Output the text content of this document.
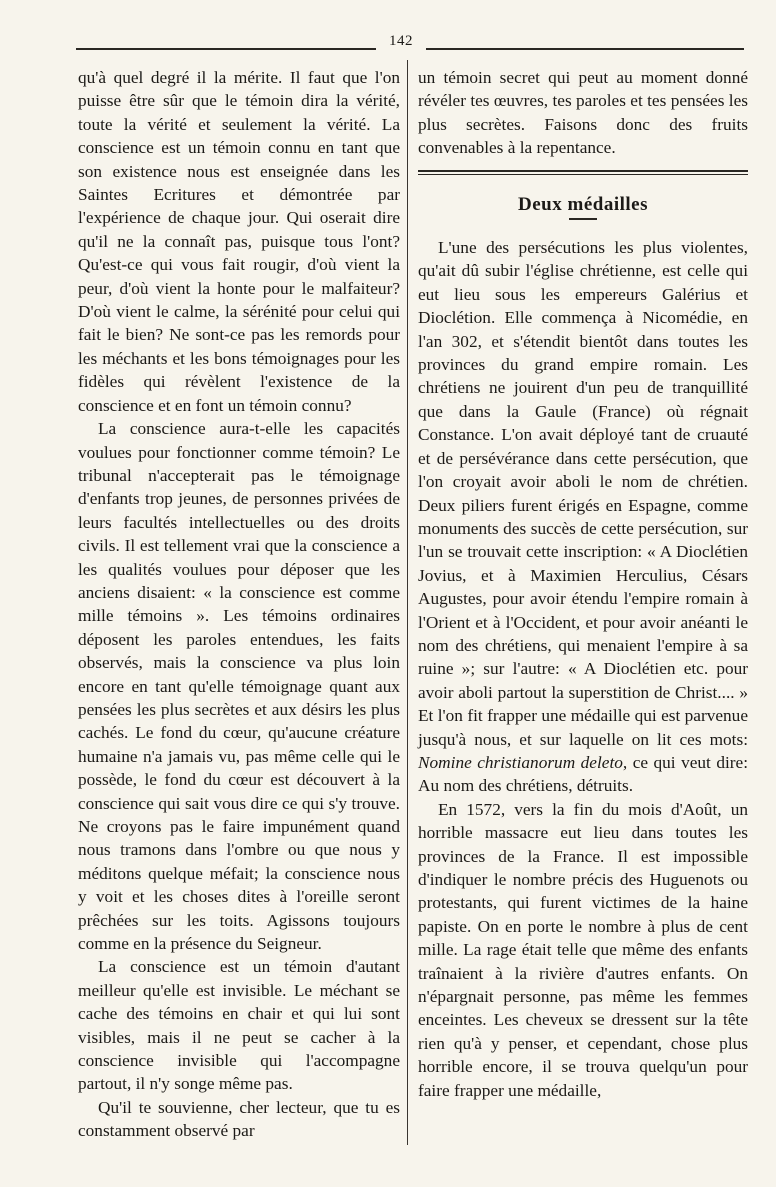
142

qu'à quel degré il la mérite. Il faut que l'on puisse être sûr que le témoin dira la vérité, toute la vérité et seulement la vérité. La conscience est un témoin connu en tant que son existence nous est enseignée dans les Saintes Ecritures et démontrée par l'expérience de chaque jour. Qui oserait dire qu'il ne la connaît pas, puisque tous l'ont? Qu'est-ce qui vous fait rougir, d'où vient la peur, d'où vient la honte pour le malfaiteur? D'où vient le calme, la sérénité pour celui qui fait le bien? Ne sont-ce pas les remords pour les méchants et les bons témoignages pour les fidèles qui révèlent l'existence de la conscience et en font un témoin connu?

La conscience aura-t-elle les capacités voulues pour fonctionner comme témoin? Le tribunal n'accepterait pas le témoignage d'enfants trop jeunes, de personnes privées de leurs facultés intellectuelles ou des droits civils. Il est tellement vrai que la conscience a les qualités voulues pour déposer que les anciens disaient: « la conscience est comme mille témoins ». Les témoins ordinaires déposent les paroles entendues, les faits observés, mais la conscience va plus loin encore en tant qu'elle témoignage quant aux pensées les plus secrètes et aux désirs les plus cachés. Le fond du cœur, qu'aucune créature humaine n'a jamais vu, pas même celle qui le possède, le fond du cœur est découvert à la conscience qui sait vous dire ce qui s'y trouve. Ne croyons pas le faire impunément quand nous tramons dans l'ombre ou que nous y méditons quelque méfait; la conscience nous y voit et les choses dites à l'oreille seront prêchées sur les toits. Agissons toujours comme en la présence du Seigneur.

La conscience est un témoin d'autant meilleur qu'elle est invisible. Le méchant se cache des témoins en chair et qui lui sont visibles, mais il ne peut se cacher à la conscience invisible qui l'accompagne partout, il n'y songe même pas.

Qu'il te souvienne, cher lecteur, que tu es constamment observé par

un témoin secret qui peut au moment donné révéler tes œuvres, tes paroles et tes pensées les plus secrètes. Faisons donc des fruits convenables à la repentance.

Deux médailles

L'une des persécutions les plus violentes, qu'ait dû subir l'église chrétienne, est celle qui eut lieu sous les empereurs Galérius et Dioclétion. Elle commença à Nicomédie, en l'an 302, et s'étendit bientôt dans toutes les provinces du grand empire romain. Les chrétiens ne jouirent d'un peu de tranquillité que dans la Gaule (France) où régnait Constance. L'on avait déployé tant de cruauté et de persévérance dans cette persécution, que l'on croyait avoir aboli le nom de chrétien. Deux piliers furent érigés en Espagne, comme monuments des succès de cette persécution, sur l'un se trouvait cette inscription: « A Dioclétien Jovius, et à Maximien Herculius, Césars Augustes, pour avoir étendu l'empire romain à l'Orient et à l'Occident, et pour avoir anéanti le nom des chrétiens, qui menaient l'empire à sa ruine »; sur l'autre: « A Dioclétien etc. pour avoir aboli partout la superstition de Christ.... » Et l'on fit frapper une médaille qui est parvenue jusqu'à nous, et sur laquelle on lit ces mots: Nomine christianorum deleto, ce qui veut dire: Au nom des chrétiens, détruits.

En 1572, vers la fin du mois d'Août, un horrible massacre eut lieu dans toutes les provinces de la France. Il est impossible d'indiquer le nombre précis des Huguenots ou protestants, qui furent victimes de la haine papiste. On en porte le nombre à plus de cent mille. La rage était telle que même des enfants traînaient à la rivière d'autres enfants. On n'épargnait personne, pas même les femmes enceintes. Les cheveux se dressent sur la tête rien qu'à y penser, et cependant, chose plus horrible encore, il se trouva quelqu'un pour faire frapper une médaille,
